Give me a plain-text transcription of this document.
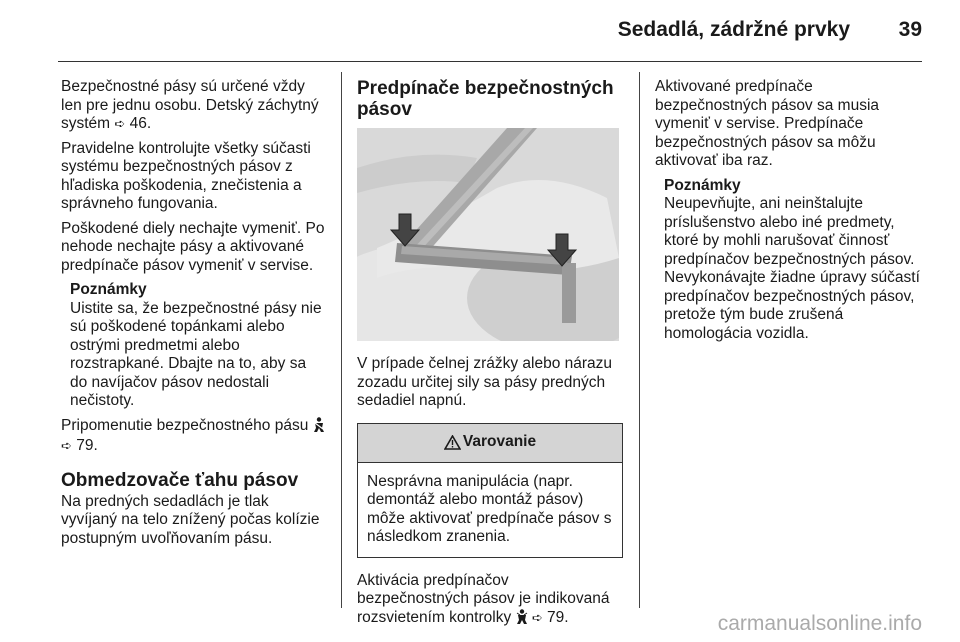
Sedadlá, zádržné prvky 39

Bezpečnostné pásy sú určené vždy len pre jednu osobu. Detský záchytný systém ➪ 46.

Pravidelne kontrolujte všetky súčasti systému bezpečnostných pásov z hľadiska poškodenia, znečistenia a správneho fungovania.

Poškodené diely nechajte vymeniť. Po nehode nechajte pásy a aktivované predpínače pásov vymeniť v servise.

Poznámky
Uistite sa, že bezpečnostné pásy nie sú poškodené topánkami alebo ostrými predmetmi alebo rozstrapkané. Dbajte na to, aby sa do navíjačov pásov nedostali nečistoty.

Pripomenutie bezpečnostného pásu  ➪ 79.

Obmedzovače ťahu pásov

Na predných sedadlách je tlak vyvíjaný na telo znížený počas kolízie postupným uvoľňovaním pásu.

Predpínače bezpečnostných pásov

V prípade čelnej zrážky alebo nárazu zozadu určitej sily sa pásy predných sedadiel napnú.

Varovanie
Nesprávna manipulácia (napr. demontáž alebo montáž pásov) môže aktivovať predpínače pásov s následkom zranenia.

Aktivácia predpínačov bezpečnostných pásov je indikovaná rozsvietením kontrolky  ➪ 79.

Aktivované predpínače bezpečnostných pásov sa musia vymeniť v servise. Predpínače bezpečnostných pásov sa môžu aktivovať iba raz.

Poznámky
Neupevňujte, ani neinštalujte príslušenstvo alebo iné predmety, ktoré by mohli narušovať činnosť predpínačov bezpečnostných pásov. Nevykonávajte žiadne úpravy súčastí predpínačov bezpečnostných pásov, pretože tým bude zrušená homologácia vozidla.
carmanualsonline.info
